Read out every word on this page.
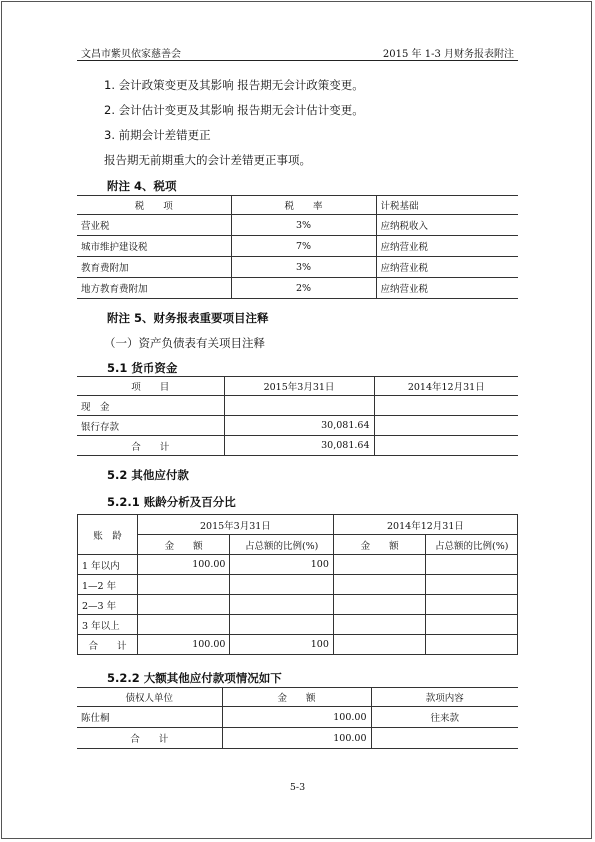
文昌市紫贝依家慈善会	2015 年 1-3 月财务报表附注
1. 会计政策变更及其影响 报告期无会计政策变更。
2. 会计估计变更及其影响 报告期无会计估计变更。
3. 前期会计差错更正
报告期无前期重大的会计差错更正事项。
附注 4、税项
税　　项	税　　率	计税基础
营业税	3%	应纳税收入
城市维护建设税	7%	应纳营业税
教育费附加	3%	应纳营业税
地方教育费附加	2%	应纳营业税
附注 5、财务报表重要项目注释
（一）资产负债表有关项目注释
5.1 货币资金
项　　目	2015年3月31日	2014年12月31日
现　金		
银行存款	30,081.64	
合　　计	30,081.64	
5.2 其他应付款
5.2.1 账龄分析及百分比
账　龄	2015年3月31日		2014年12月31日	
	金　　额	占总额的比例(%)	金　　额	占总额的比例(%)
1 年以内	100.00	100		
1—2 年				
2—3 年				
3 年以上				
合　　计	100.00	100		
5.2.2 大额其他应付款项情况如下
债权人单位	金　　额	款项内容
陈仕桐	100.00	往来款
合　　计	100.00	
5-3
